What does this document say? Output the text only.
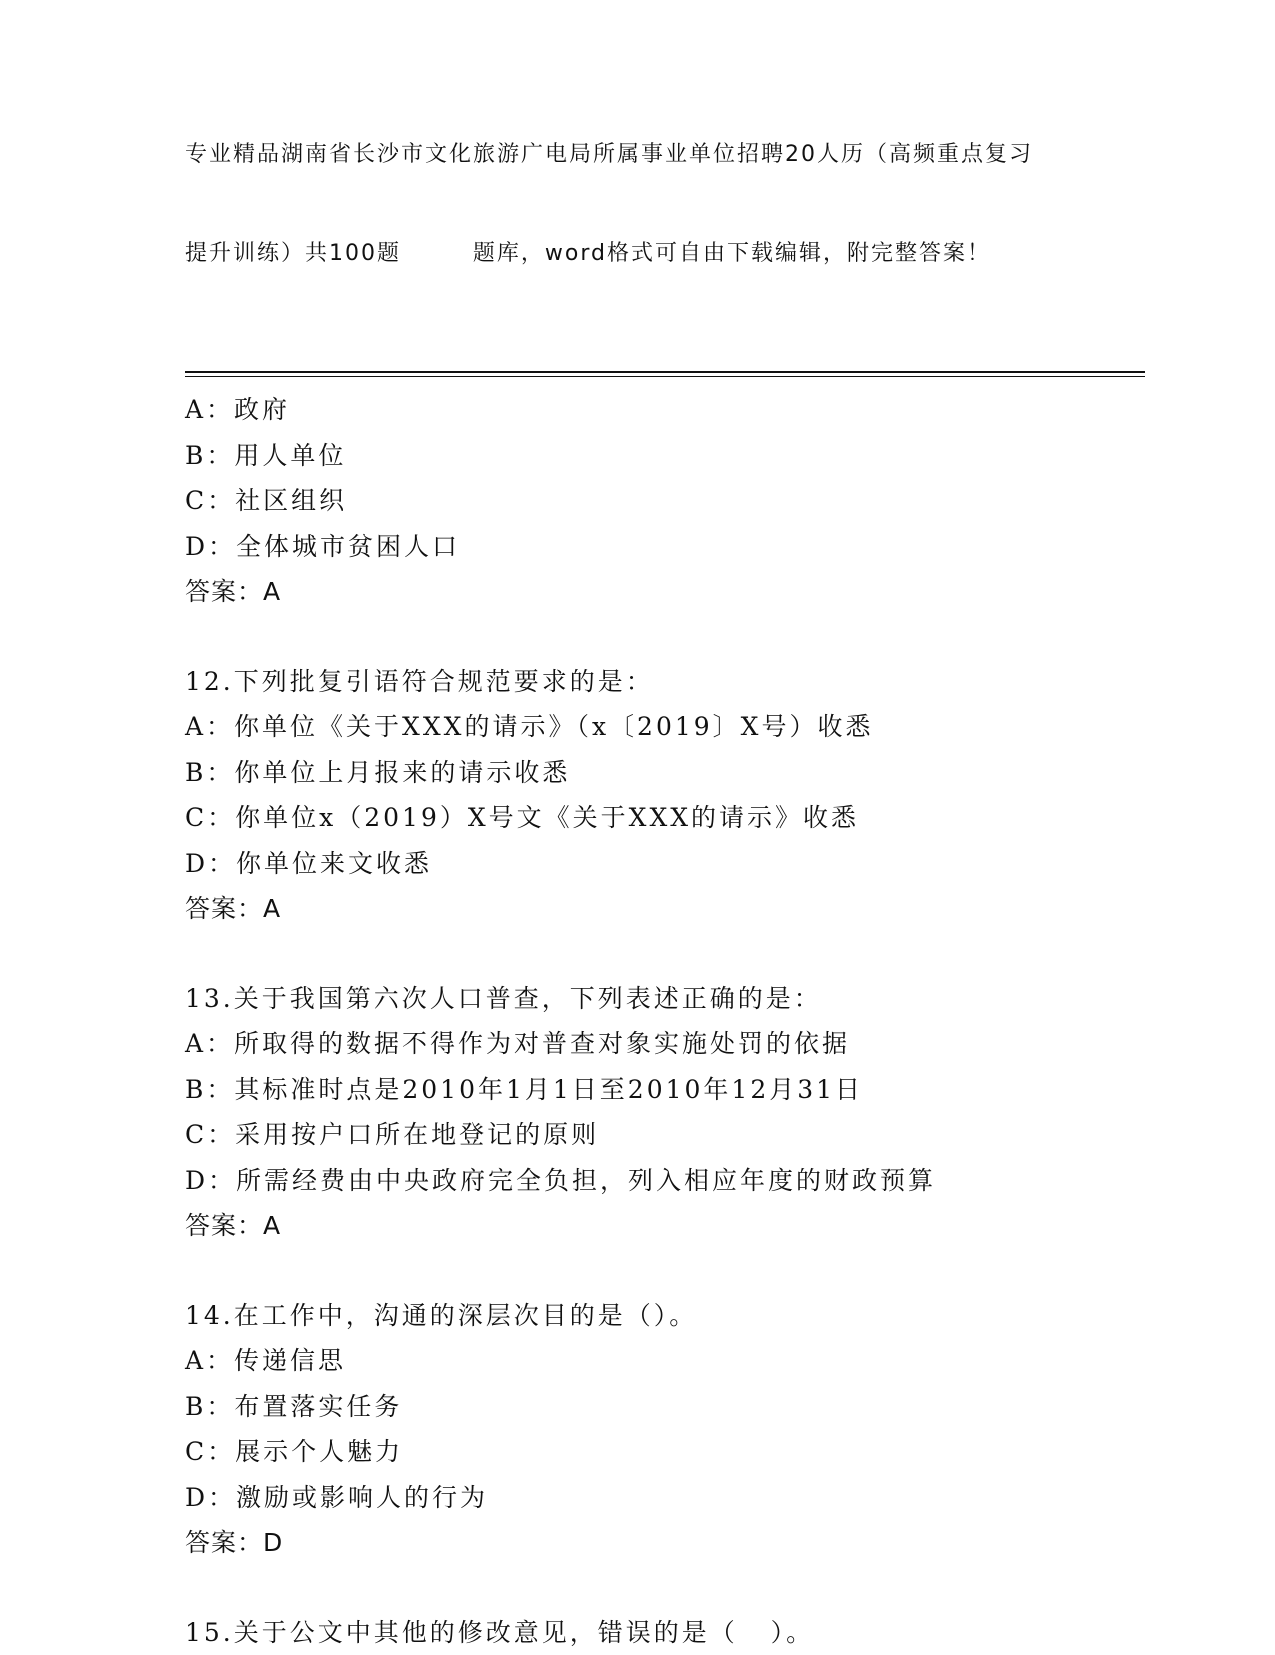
专业精品湖南省长沙市文化旅游广电局所属事业单位招聘20人历（高频重点复习

提升训练）共100题        题库，word格式可自由下载编辑，附完整答案！

A：政府
B：用人单位
C：社区组织
D：全体城市贫困人口
答案：A
12.下列批复引语符合规范要求的是：
A：你单位《关于XXX的请示》（x〔2019〕X号）收悉
B：你单位上月报来的请示收悉
C：你单位x（2019）X号文《关于XXX的请示》收悉
D：你单位来文收悉
答案：A
13.关于我国第六次人口普查，下列表述正确的是：
A：所取得的数据不得作为对普查对象实施处罚的依据
B：其标准时点是2010年1月1日至2010年12月31日
C：采用按户口所在地登记的原则
D：所需经费由中央政府完全负担，列入相应年度的财政预算
答案：A
14.在工作中，沟通的深层次目的是（）。
A：传递信思
B：布置落实任务
C：展示个人魅力
D：激励或影响人的行为
答案：D
15.关于公文中其他的修改意见，错误的是（   ）。
